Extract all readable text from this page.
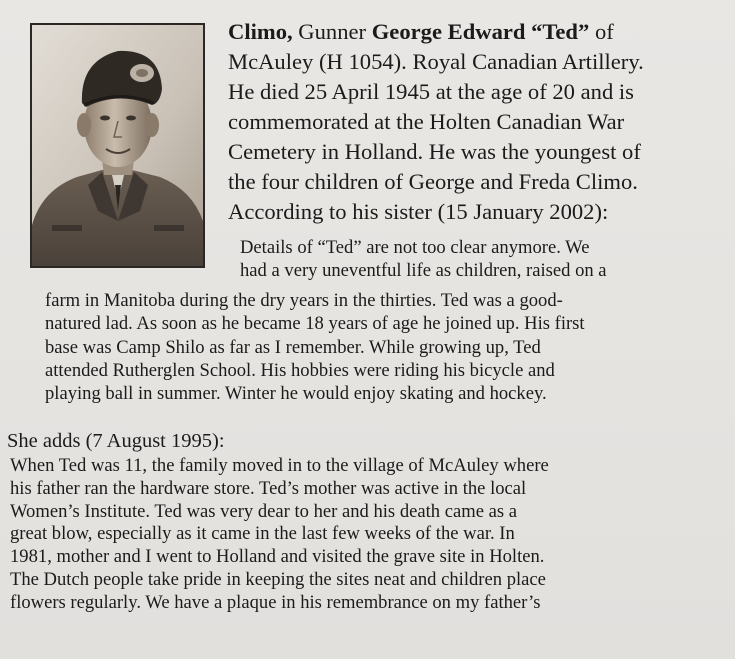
Climo, Gunner George Edward “Ted” of
McAuley (H 1054). Royal Canadian Artillery.
He died 25 April 1945 at the age of 20 and is
commemorated at the Holten Canadian War
Cemetery in Holland. He was the youngest of
the four children of George and Freda Climo.
According to his sister (15 January 2002):
Details of “Ted” are not too clear anymore. We
had a very uneventful life as children, raised on a
farm in Manitoba during the dry years in the thirties. Ted was a good-
natured lad. As soon as he became 18 years of age he joined up. His first
base was Camp Shilo as far as I remember. While growing up, Ted
attended Rutherglen School. His hobbies were riding his bicycle and
playing ball in summer. Winter he would enjoy skating and hockey.
She adds (7 August 1995):
When Ted was 11, the family moved in to the village of McAuley where
his father ran the hardware store. Ted’s mother was active in the local
Women’s Institute. Ted was very dear to her and his death came as a
great blow, especially as it came in the last few weeks of the war. In
1981, mother and I went to Holland and visited the grave site in Holten.
The Dutch people take pride in keeping the sites neat and children place
flowers regularly. We have a plaque in his remembrance on my father’s
